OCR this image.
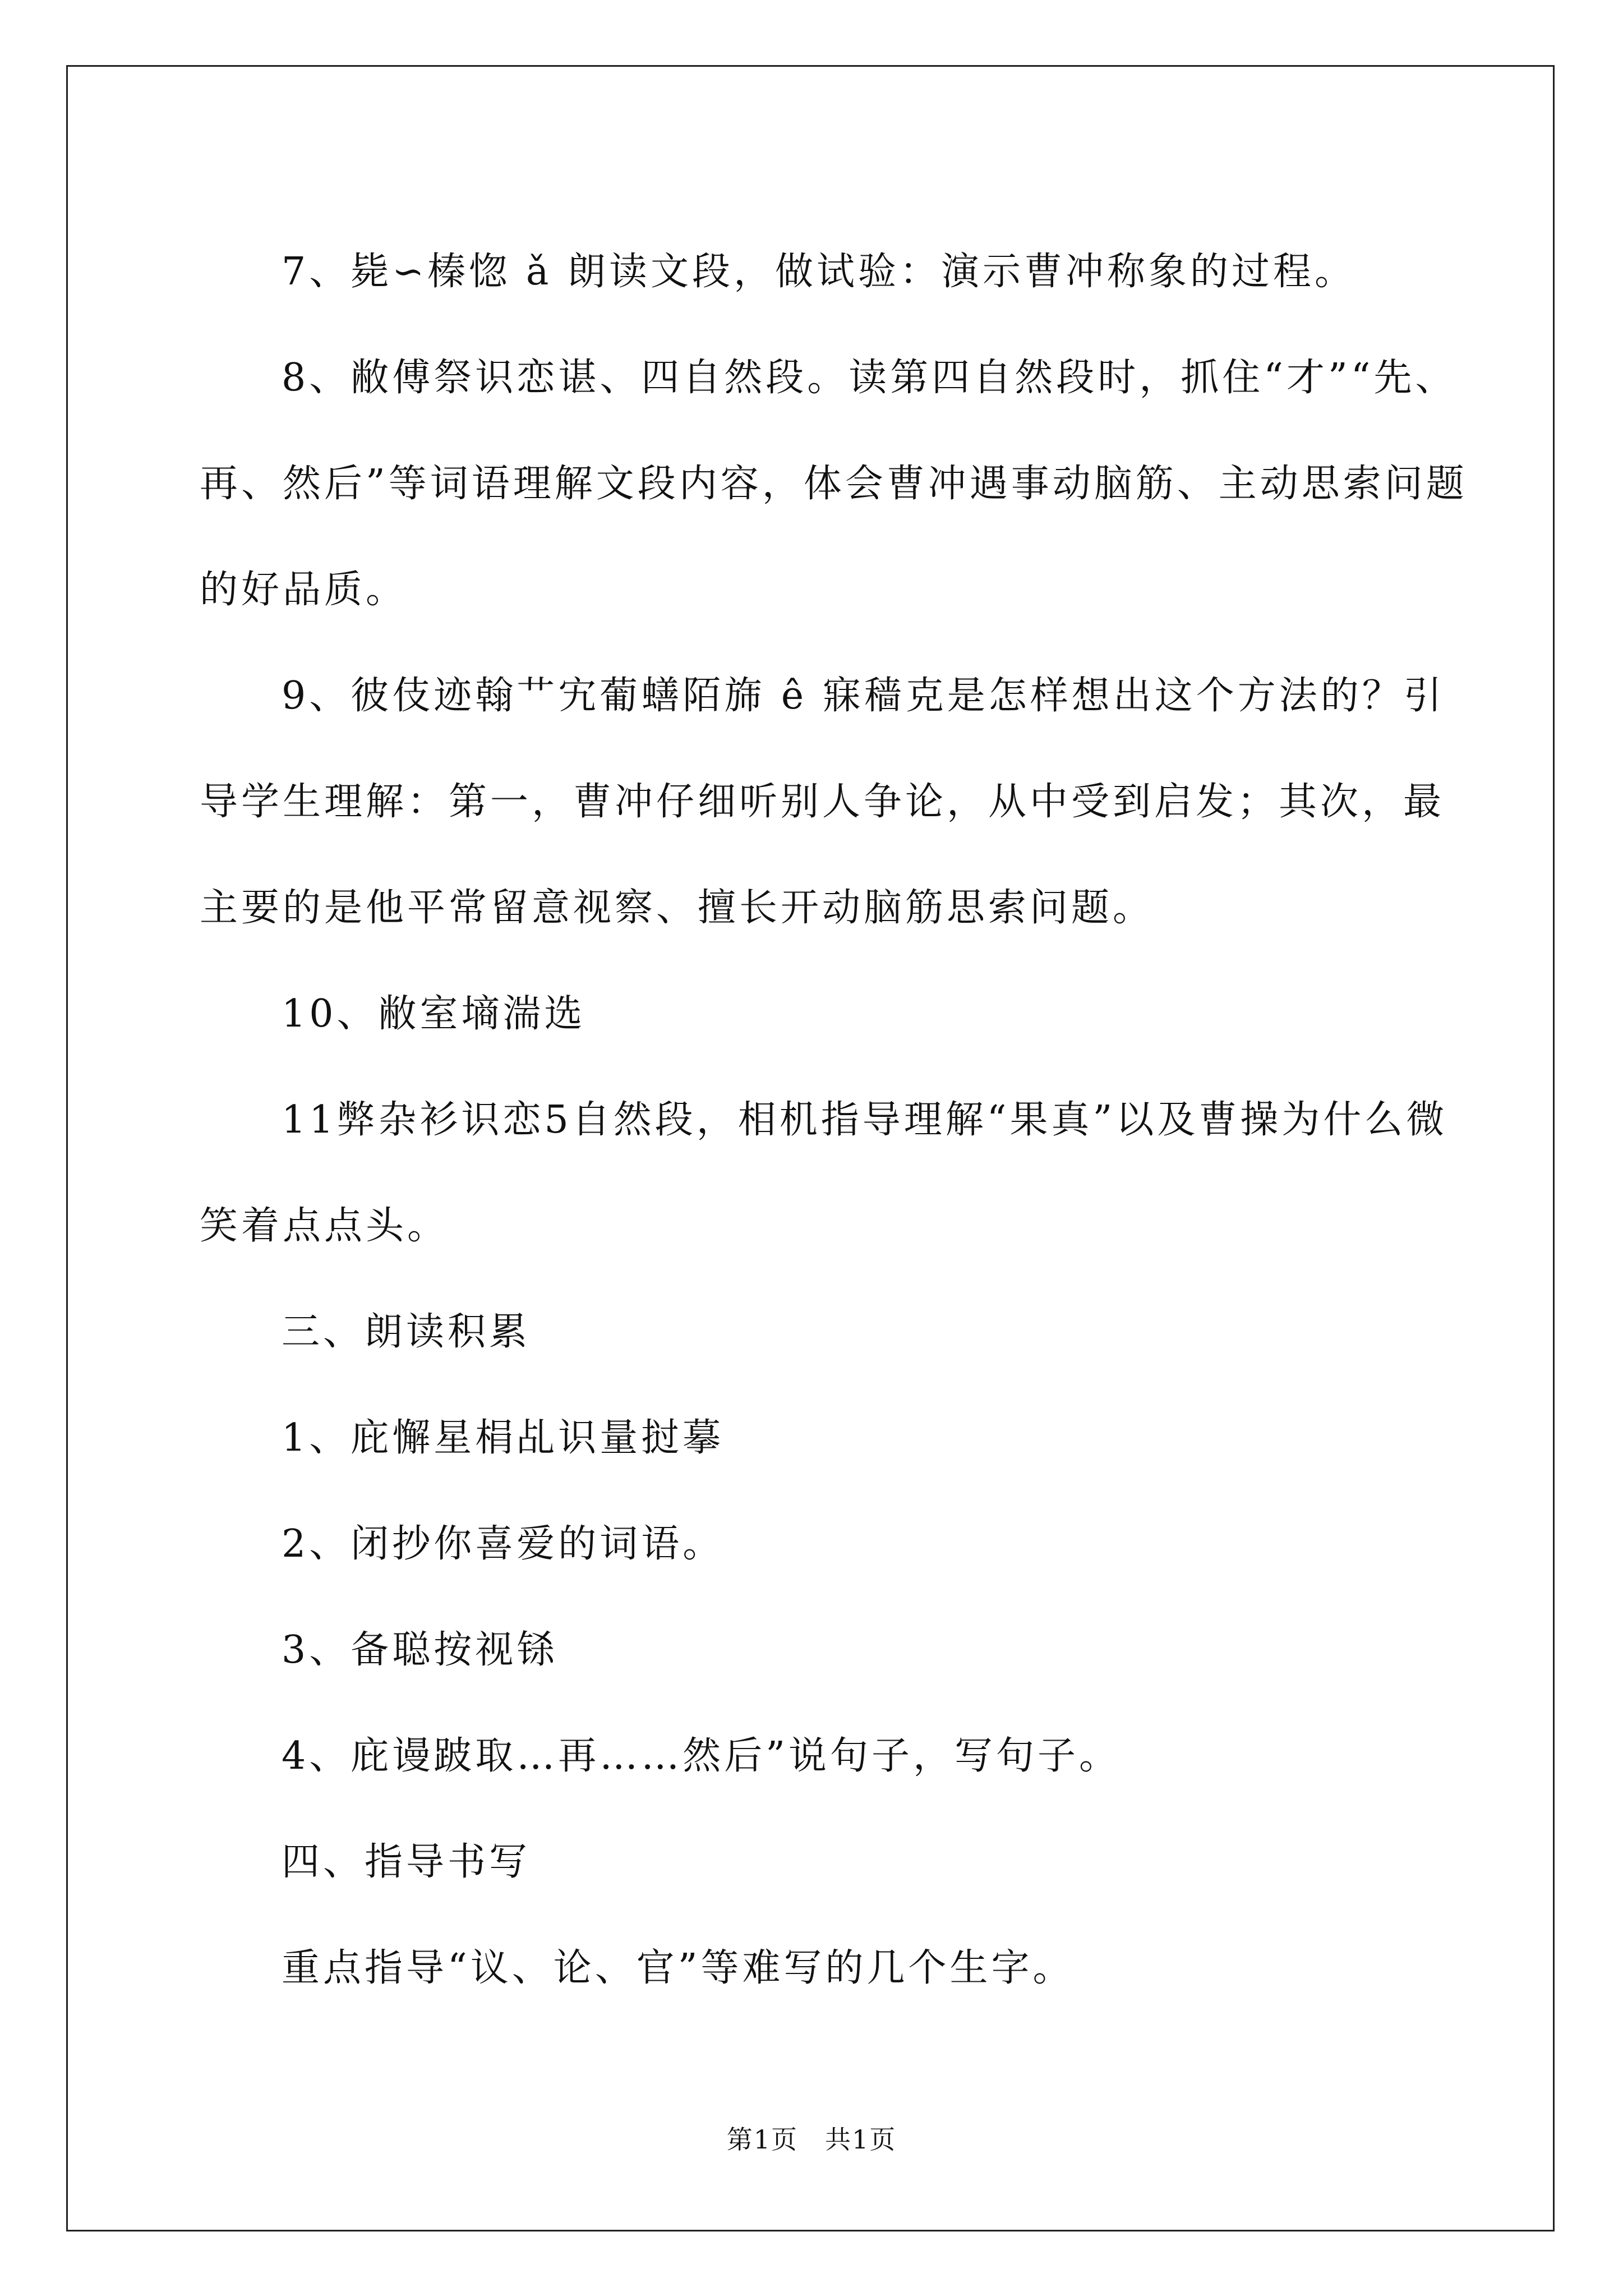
7、毙∽榛惚 ǎ 朗读文段，做试验：演示曹冲称象的过程。

8、敝傅祭识恋谌、四自然段。读第四自然段时，抓住“才”“先、再、然后”等词语理解文段内容，体会曹冲遇事动脑筋、主动思索问题的好品质。

9、彼伎迹翰艹宄葡蟮陌旆 ê 寐穑克是怎样想出这个方法的？引导学生理解：第一，曹冲仔细听别人争论，从中受到启发；其次，最主要的是他平常留意视察、擅长开动脑筋思索问题。

10、敝室墒湍选

11弊杂衫识恋5自然段，相机指导理解“果真”以及曹操为什么微笑着点点头。

三、朗读积累

1、庇懈星梋乩识量挝摹

2、闭抄你喜爱的词语。

3、备聪按视铩

4、庇谩跛取…再……然后”说句子，写句子。

四、指导书写

重点指导“议、论、官”等难写的几个生字。

第1页　共1页
